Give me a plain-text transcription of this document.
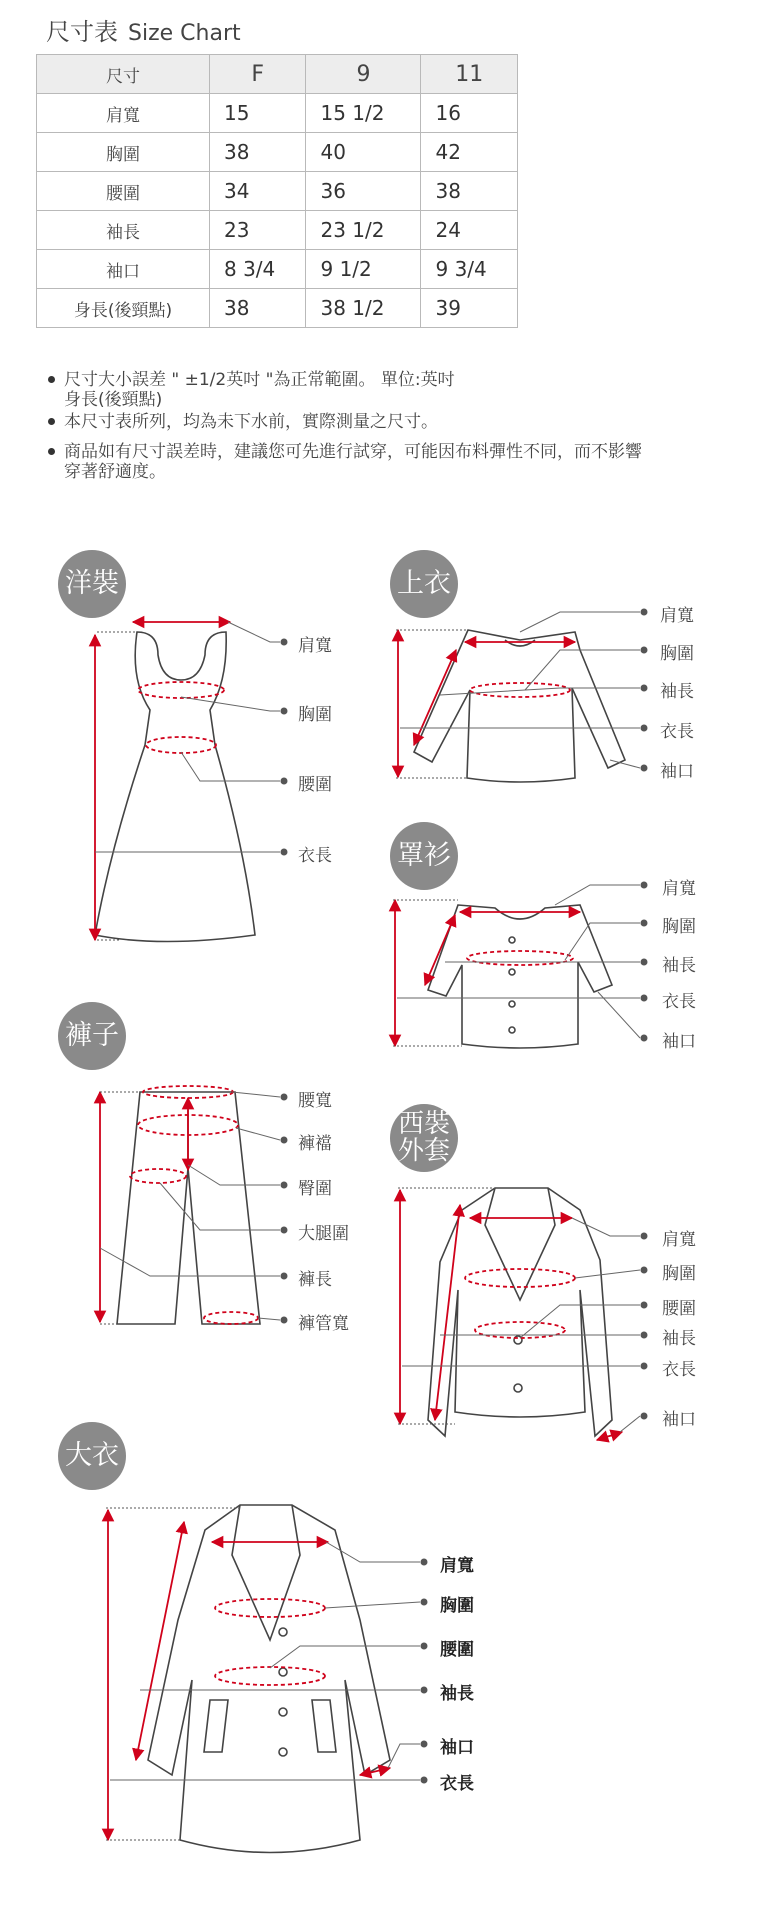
尺寸表 Size Chart
尺寸	F	9	11
肩寬	15	15 1/2	16
胸圍	38	40	42
腰圍	34	36	38
袖長	23	23 1/2	24
袖口	8 3/4	9 1/2	9 3/4
身長(後頸點)	38	38 1/2	39
尺寸大小誤差 " ±1/2英吋 "為正常範圍。 單位:英吋
身長(後頸點)
本尺寸表所列，均為未下水前，實際測量之尺寸。
商品如有尺寸誤差時，建議您可先進行試穿，可能因布料彈性不同，而不影響
穿著舒適度。
洋裝	上衣
罩衫
褲子
西裝
外套
大衣
肩寬
胸圍
腰圍
衣長
肩寬
胸圍
袖長
衣長
袖口
肩寬
胸圍
袖長
衣長
袖口
腰寬
褲襠
臀圍
大腿圍
褲長
褲管寬
肩寬
胸圍
腰圍
袖長
衣長
袖口
肩寬
胸圍
腰圍
袖長
袖口
衣長
